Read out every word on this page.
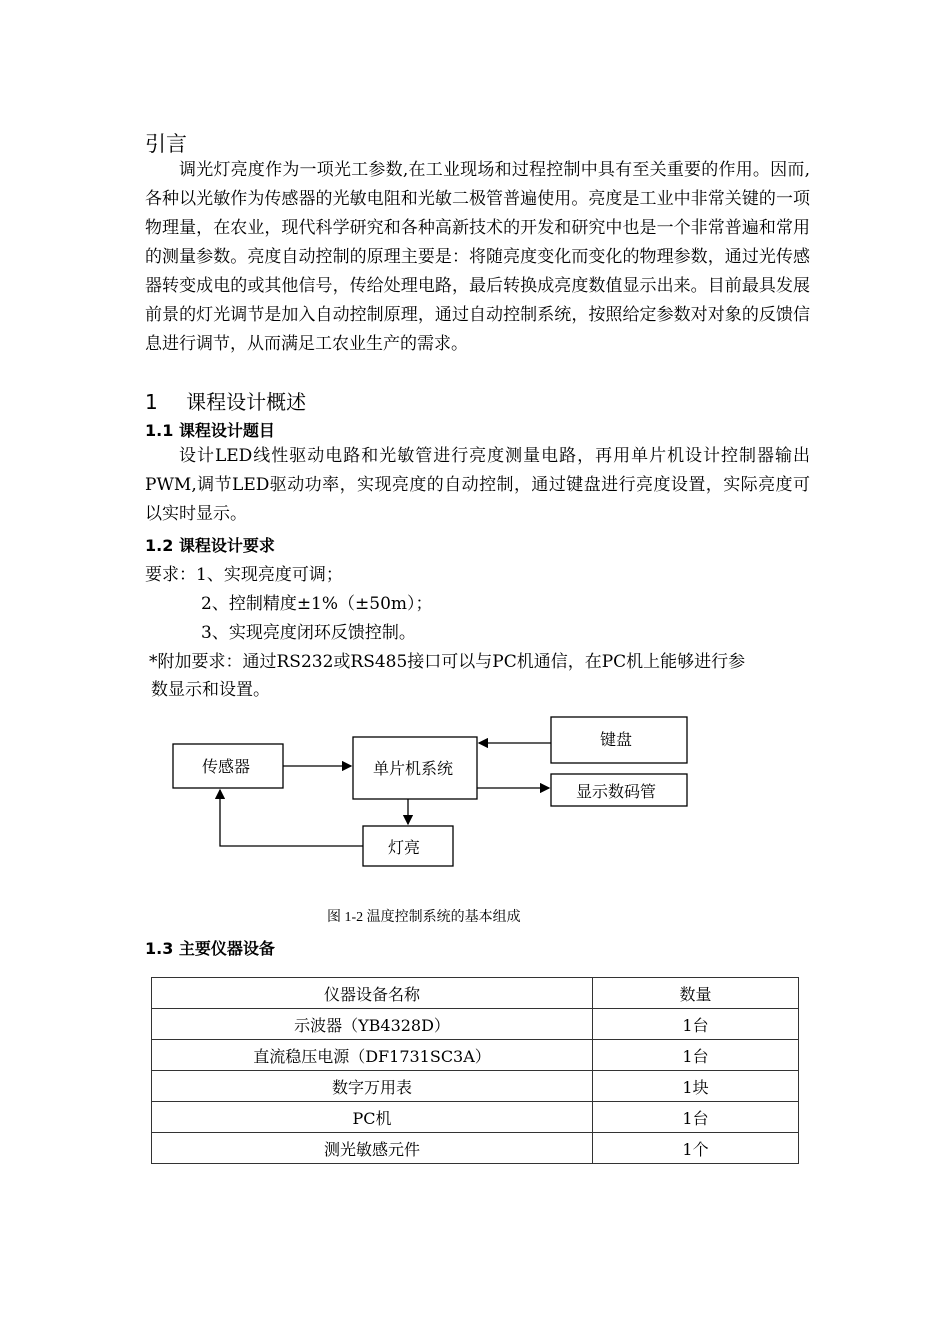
引言

调光灯亮度作为一项光工参数,在工业现场和过程控制中具有至关重要的作用。因而,各种以光敏作为传感器的光敏电阻和光敏二极管普遍使用。亮度是工业中非常关键的一项物理量，在农业，现代科学研究和各种高新技术的开发和研究中也是一个非常普遍和常用的测量参数。亮度自动控制的原理主要是：将随亮度变化而变化的物理参数，通过光传感器转变成电的或其他信号，传给处理电路，最后转换成亮度数值显示出来。目前最具发展前景的灯光调节是加入自动控制原理，通过自动控制系统，按照给定参数对对象的反馈信息进行调节，从而满足工农业生产的需求。

1 课程设计概述
1.1 课程设计题目

设计LED线性驱动电路和光敏管进行亮度测量电路，再用单片机设计控制器输出PWM,调节LED驱动功率，实现亮度的自动控制，通过键盘进行亮度设置，实际亮度可以实时显示。

1.2 课程设计要求
要求：1、实现亮度可调；
2、控制精度±1%（±50m）；
3、实现亮度闭环反馈控制。
*附加要求：通过RS232或RS485接口可以与PC机通信，在PC机上能够进行参
数显示和设置。
传感器	单片机系统
键盘
显示数码管
灯亮
图 1-2 温度控制系统的基本组成
1.3 主要仪器设备
仪器设备名称	数量
示波器（YB4328D）	1台
直流稳压电源（DF1731SC3A）	1台
数字万用表	1块
PC机	1台
测光敏感元件	1个
